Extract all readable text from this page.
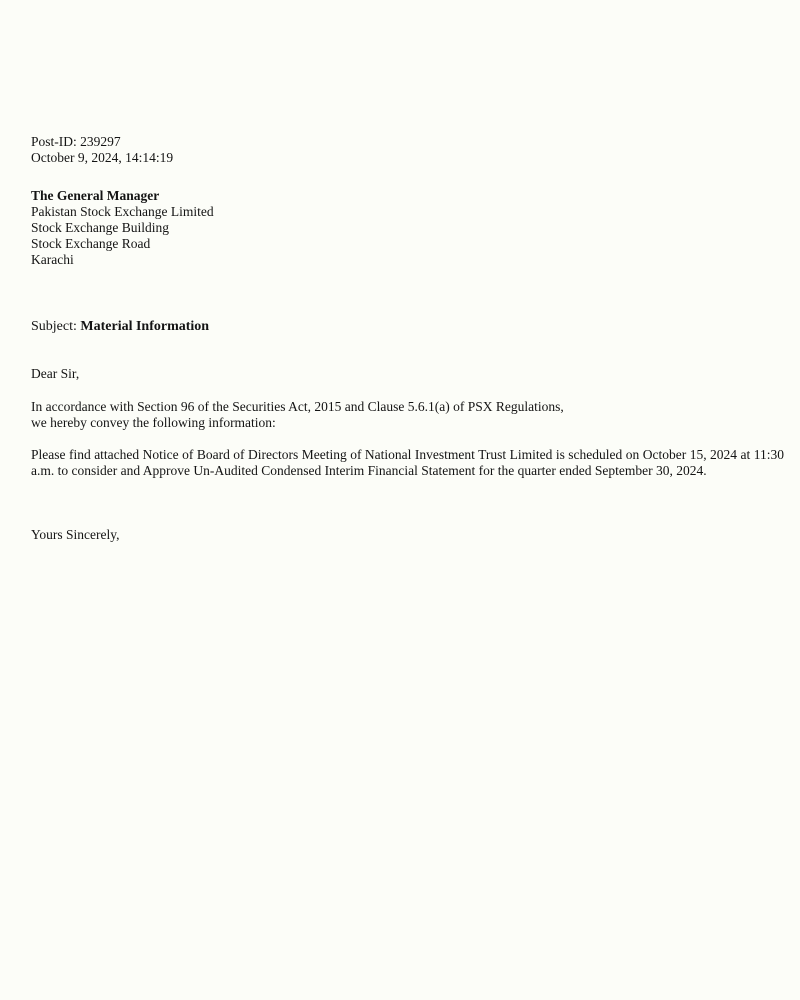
Post-ID: 239297
October 9, 2024, 14:14:19
The General Manager
Pakistan Stock Exchange Limited
Stock Exchange Building
Stock Exchange Road
Karachi
Subject: Material Information
Dear Sir,

In accordance with Section 96 of the Securities Act, 2015 and Clause 5.6.1(a) of PSX Regulations,
we hereby convey the following information:

Please find attached Notice of Board of Directors Meeting of National Investment Trust Limited is scheduled on October 15, 2024 at 11:30 a.m. to consider and Approve Un-Audited Condensed Interim Financial Statement for the quarter ended September 30, 2024.

Yours Sincerely,
